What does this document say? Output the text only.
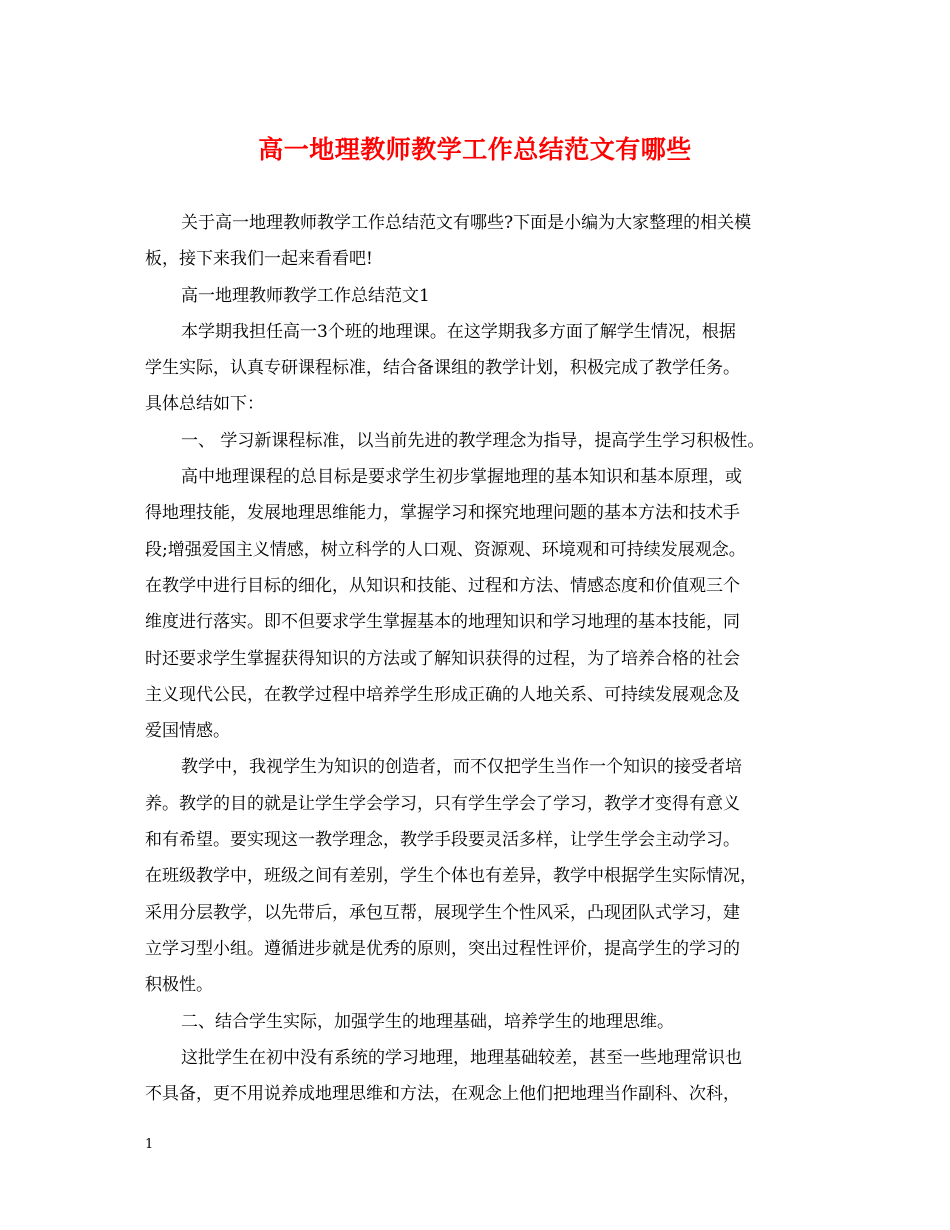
高一地理教师教学工作总结范文有哪些
关于高一地理教师教学工作总结范文有哪些?下面是小编为大家整理的相关模
板，接下来我们一起来看看吧!
高一地理教师教学工作总结范文1
本学期我担任高一3个班的地理课。在这学期我多方面了解学生情况，根据
学生实际，认真专研课程标准，结合备课组的教学计划，积极完成了教学任务。
具体总结如下：
一、 学习新课程标准，以当前先进的教学理念为指导，提高学生学习积极性。
高中地理课程的总目标是要求学生初步掌握地理的基本知识和基本原理，或
得地理技能，发展地理思维能力，掌握学习和探究地理问题的基本方法和技术手
段;增强爱国主义情感，树立科学的人口观、资源观、环境观和可持续发展观念。
在教学中进行目标的细化，从知识和技能、过程和方法、情感态度和价值观三个
维度进行落实。即不但要求学生掌握基本的地理知识和学习地理的基本技能，同
时还要求学生掌握获得知识的方法或了解知识获得的过程，为了培养合格的社会
主义现代公民，在教学过程中培养学生形成正确的人地关系、可持续发展观念及
爱国情感。
教学中，我视学生为知识的创造者，而不仅把学生当作一个知识的接受者培
养。教学的目的就是让学生学会学习，只有学生学会了学习，教学才变得有意义
和有希望。要实现这一教学理念，教学手段要灵活多样，让学生学会主动学习。
在班级教学中，班级之间有差别，学生个体也有差异，教学中根据学生实际情况，
采用分层教学，以先带后，承包互帮，展现学生个性风采，凸现团队式学习，建
立学习型小组。遵循进步就是优秀的原则，突出过程性评价，提高学生的学习的
积极性。
二、结合学生实际，加强学生的地理基础，培养学生的地理思维。
这批学生在初中没有系统的学习地理，地理基础较差，甚至一些地理常识也
不具备，更不用说养成地理思维和方法，在观念上他们把地理当作副科、次科，
1
